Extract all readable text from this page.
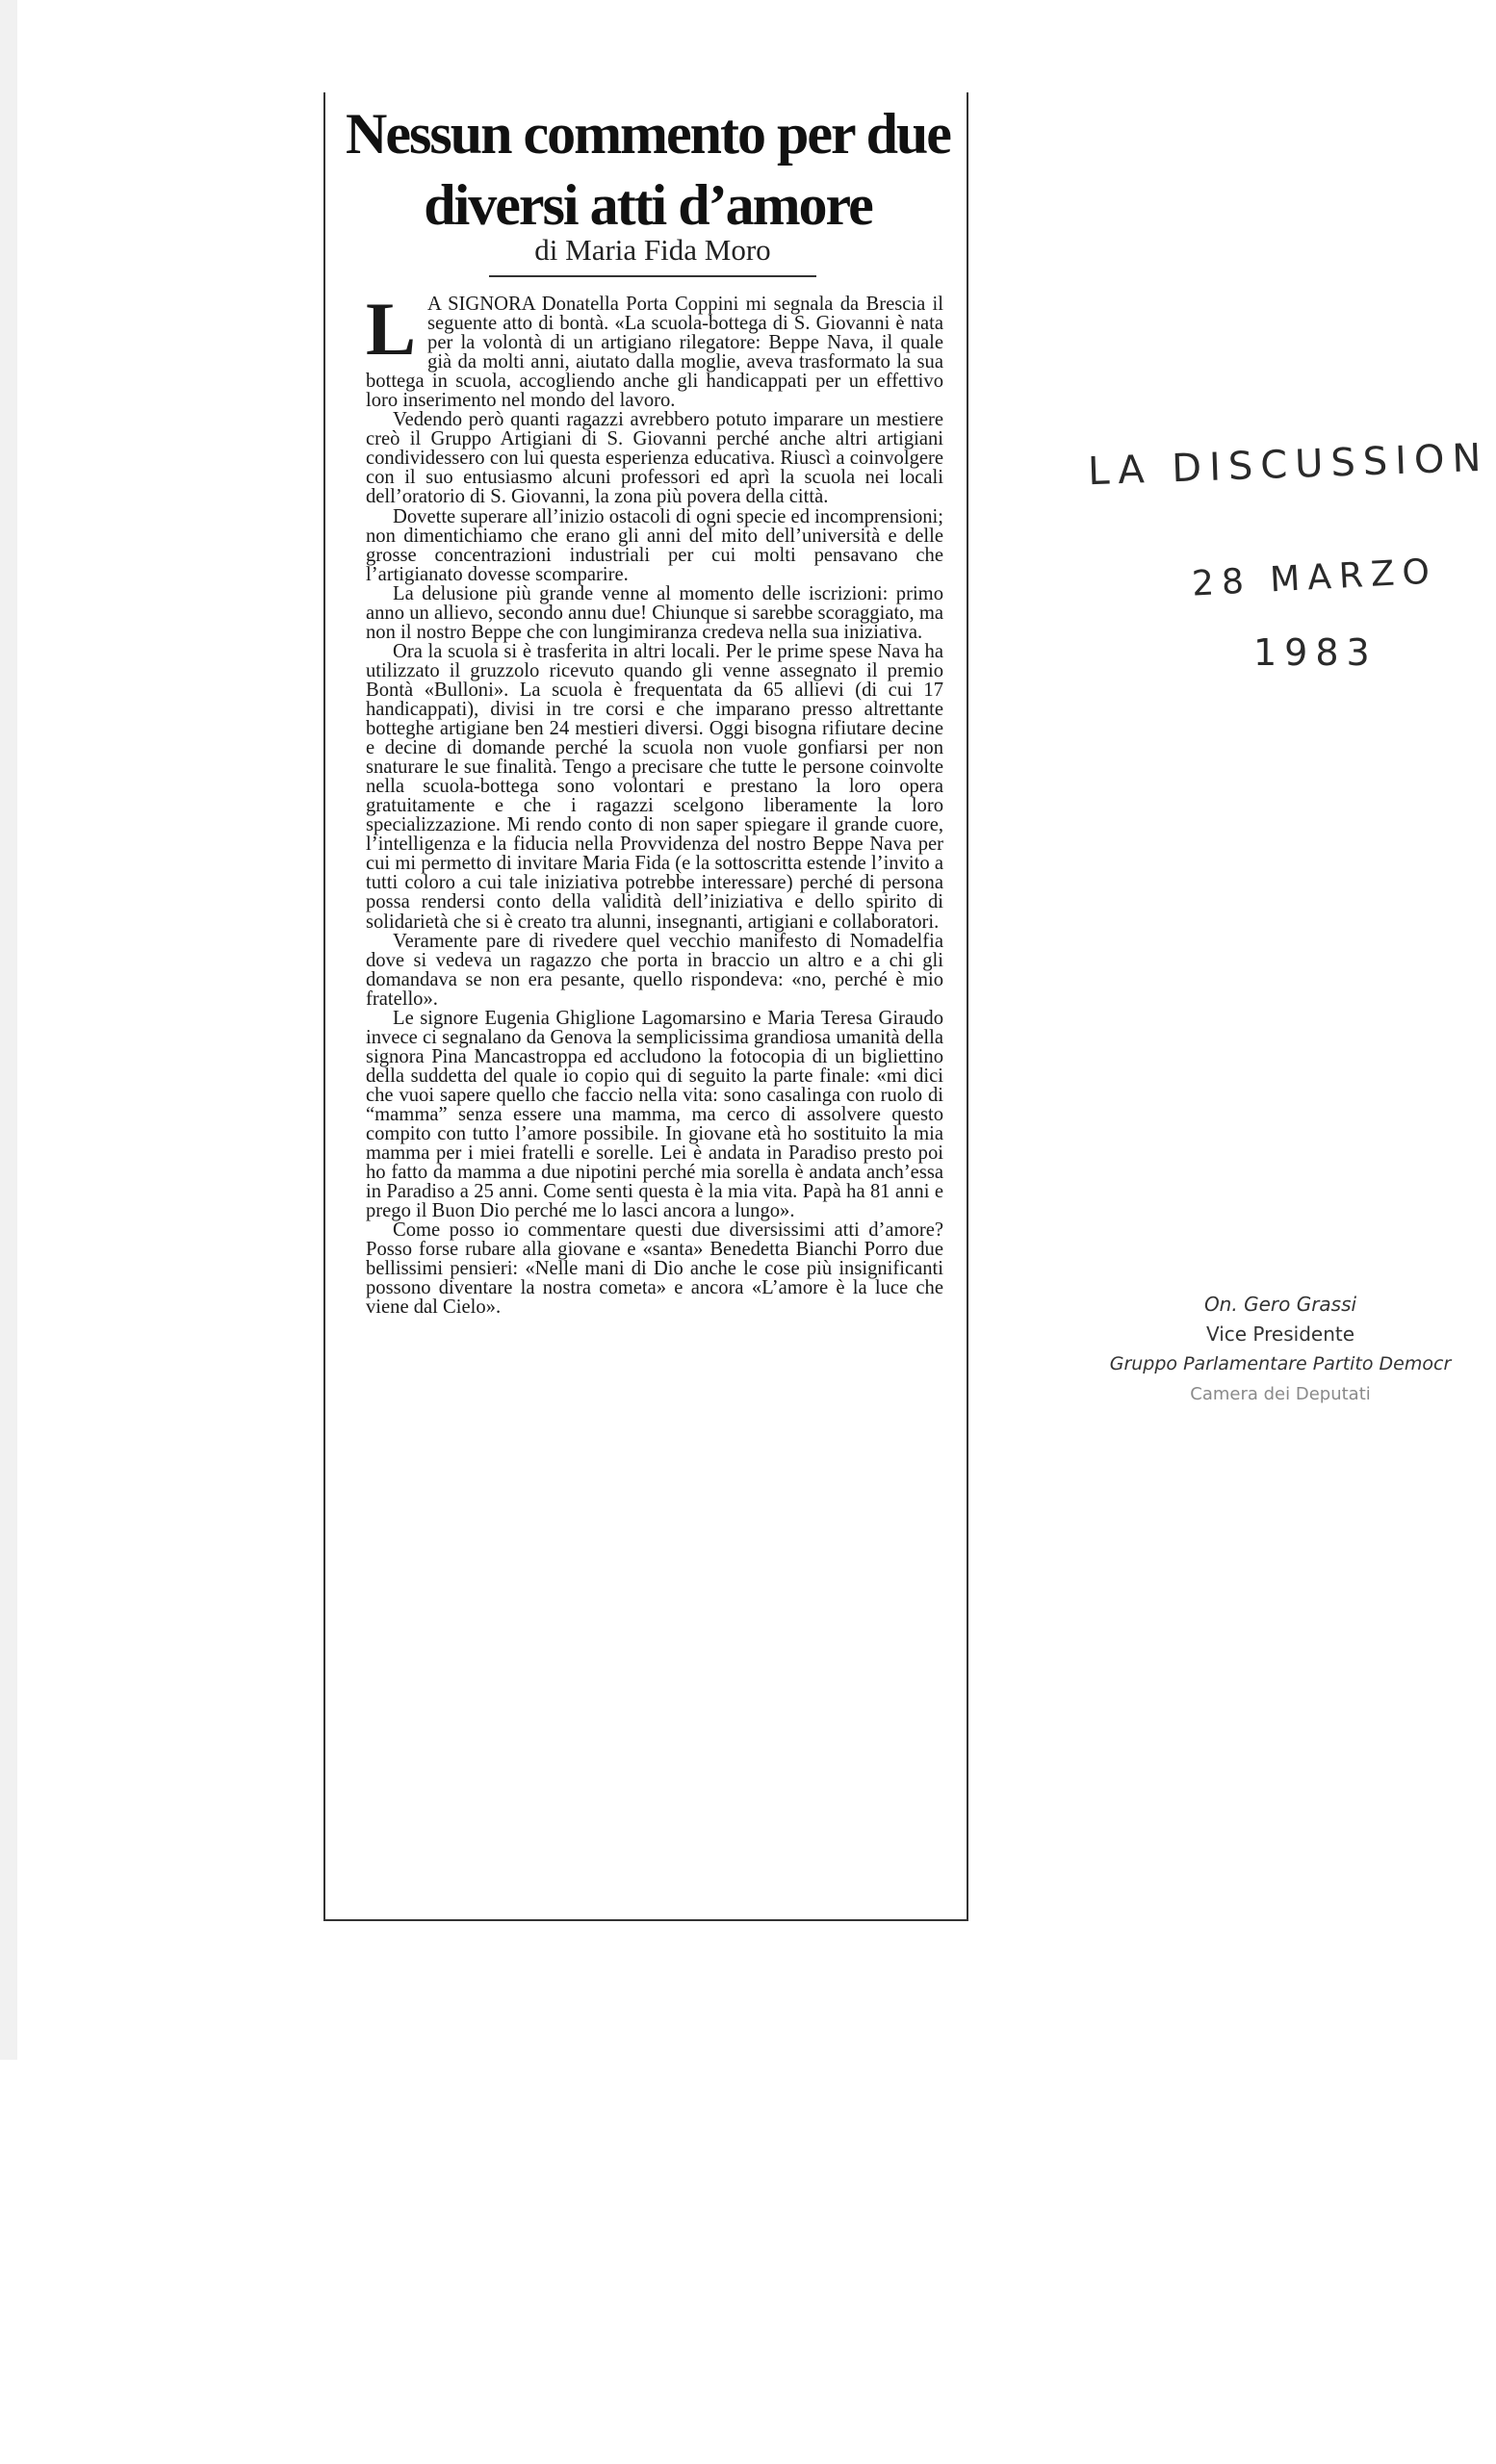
Nessun commento per due diversi atti d’amore
di Maria Fida Moro

L A SIGNORA Donatella Porta Coppini mi segnala da Brescia il seguente atto di bontà. «La scuola-bottega di S. Giovanni è nata per la volontà di un artigiano rilegatore: Beppe Nava, il quale già da molti anni, aiutato dalla moglie, aveva trasformato la sua bottega in scuola, accogliendo anche gli handicappati per un effettivo loro inserimento nel mondo del lavoro.

Vedendo però quanti ragazzi avrebbero potuto imparare un mestiere creò il Gruppo Artigiani di S. Giovanni perché anche altri artigiani condividessero con lui questa esperienza educativa. Riuscì a coinvolgere con il suo entusiasmo alcuni professori ed aprì la scuola nei locali dell’oratorio di S. Giovanni, la zona più povera della città.

Dovette superare all’inizio ostacoli di ogni specie ed incomprensioni; non dimentichiamo che erano gli anni del mito dell’università e delle grosse concentrazioni industriali per cui molti pensavano che l’artigianato dovesse scomparire.

La delusione più grande venne al momento delle iscrizioni: primo anno un allievo, secondo annu due! Chiunque si sarebbe scoraggiato, ma non il nostro Beppe che con lungimiranza credeva nella sua iniziativa.

Ora la scuola si è trasferita in altri locali. Per le prime spese Nava ha utilizzato il gruzzolo ricevuto quando gli venne assegnato il premio Bontà «Bulloni». La scuola è frequentata da 65 allievi (di cui 17 handicappati), divisi in tre corsi e che imparano presso altrettante botteghe artigiane ben 24 mestieri diversi. Oggi bisogna rifiutare decine e decine di domande perché la scuola non vuole gonfiarsi per non snaturare le sue finalità. Tengo a precisare che tutte le persone coinvolte nella scuola-bottega sono volontari e prestano la loro opera gratuitamente e che i ragazzi scelgono liberamente la loro specializzazione. Mi rendo conto di non saper spiegare il grande cuore, l’intelligenza e la fiducia nella Provvidenza del nostro Beppe Nava per cui mi permetto di invitare Maria Fida (e la sottoscritta estende l’invito a tutti coloro a cui tale iniziativa potrebbe interessare) perché di persona possa rendersi conto della validità dell’iniziativa e dello spirito di solidarietà che si è creato tra alunni, insegnanti, artigiani e collaboratori.

Veramente pare di rivedere quel vecchio manifesto di Nomadelfia dove si vedeva un ragazzo che porta in braccio un altro e a chi gli domandava se non era pesante, quello rispondeva: «no, perché è mio fratello».

Le signore Eugenia Ghiglione Lagomarsino e Maria Teresa Giraudo invece ci segnalano da Genova la semplicissima grandiosa umanità della signora Pina Mancastroppa ed accludono la fotocopia di un bigliettino della suddetta del quale io copio qui di seguito la parte finale: «mi dici che vuoi sapere quello che faccio nella vita: sono casalinga con ruolo di “mamma” senza essere una mamma, ma cerco di assolvere questo compito con tutto l’amore possibile. In giovane età ho sostituito la mia mamma per i miei fratelli e sorelle. Lei è andata in Paradiso presto poi ho fatto da mamma a due nipotini perché mia sorella è andata anch’essa in Paradiso a 25 anni. Come senti questa è la mia vita. Papà ha 81 anni e prego il Buon Dio perché me lo lasci ancora a lungo».

Come posso io commentare questi due diversissimi atti d’amore? Posso forse rubare alla giovane e «santa» Benedetta Bianchi Porro due bellissimi pensieri: «Nelle mani di Dio anche le cose più insignificanti possono diventare la nostra cometa» e ancora «L’amore è la luce che viene dal Cielo».

LA DISCUSSION
28 MARZO
1983
On. Gero Grassi
Vice Presidente
Gruppo Parlamentare Partito Democr
Camera dei Deputati
